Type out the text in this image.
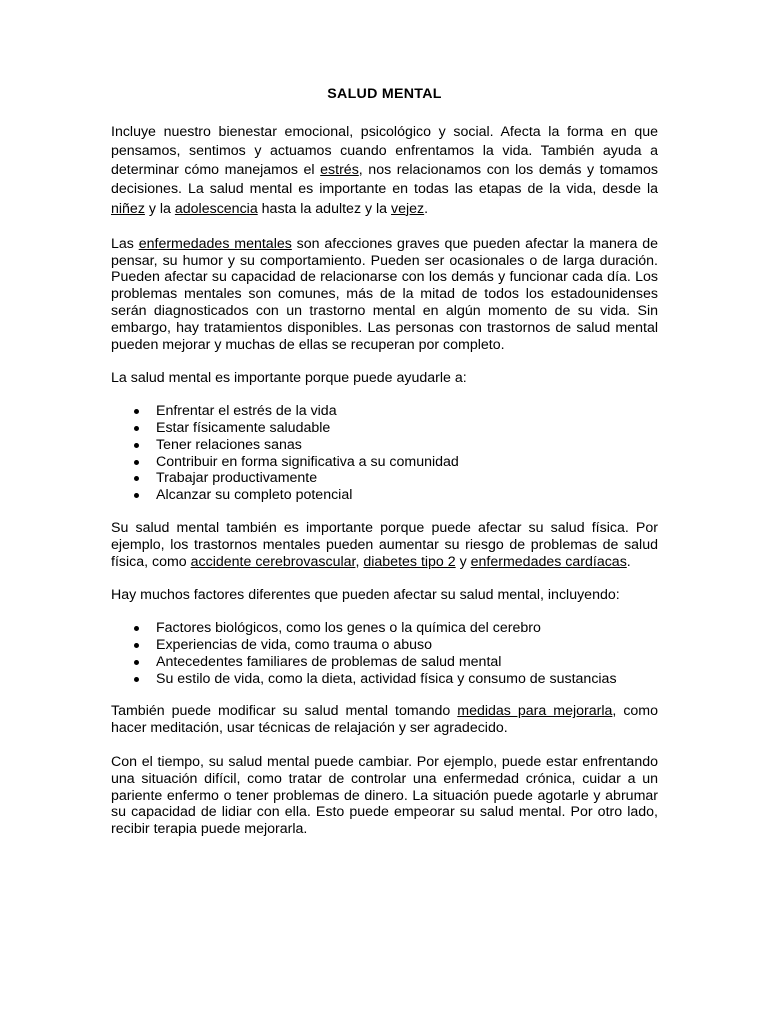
SALUD MENTAL

Incluye nuestro bienestar emocional, psicológico y social. Afecta la forma en que pensamos, sentimos y actuamos cuando enfrentamos la vida. También ayuda a determinar cómo manejamos el estrés, nos relacionamos con los demás y tomamos decisiones. La salud mental es importante en todas las etapas de la vida, desde la niñez y la adolescencia hasta la adultez y la vejez.

Las enfermedades mentales son afecciones graves que pueden afectar la manera de pensar, su humor y su comportamiento. Pueden ser ocasionales o de larga duración. Pueden afectar su capacidad de relacionarse con los demás y funcionar cada día. Los problemas mentales son comunes, más de la mitad de todos los estadounidenses serán diagnosticados con un trastorno mental en algún momento de su vida. Sin embargo, hay tratamientos disponibles. Las personas con trastornos de salud mental pueden mejorar y muchas de ellas se recuperan por completo.

La salud mental es importante porque puede ayudarle a:

Enfrentar el estrés de la vida
Estar físicamente saludable
Tener relaciones sanas
Contribuir en forma significativa a su comunidad
Trabajar productivamente
Alcanzar su completo potencial

Su salud mental también es importante porque puede afectar su salud física. Por ejemplo, los trastornos mentales pueden aumentar su riesgo de problemas de salud física, como accidente cerebrovascular, diabetes tipo 2 y enfermedades cardíacas.

Hay muchos factores diferentes que pueden afectar su salud mental, incluyendo:

Factores biológicos, como los genes o la química del cerebro
Experiencias de vida, como trauma o abuso
Antecedentes familiares de problemas de salud mental
Su estilo de vida, como la dieta, actividad física y consumo de sustancias

También puede modificar su salud mental tomando medidas para mejorarla, como hacer meditación, usar técnicas de relajación y ser agradecido.

Con el tiempo, su salud mental puede cambiar. Por ejemplo, puede estar enfrentando una situación difícil, como tratar de controlar una enfermedad crónica, cuidar a un pariente enfermo o tener problemas de dinero. La situación puede agotarle y abrumar su capacidad de lidiar con ella. Esto puede empeorar su salud mental. Por otro lado, recibir terapia puede mejorarla.
